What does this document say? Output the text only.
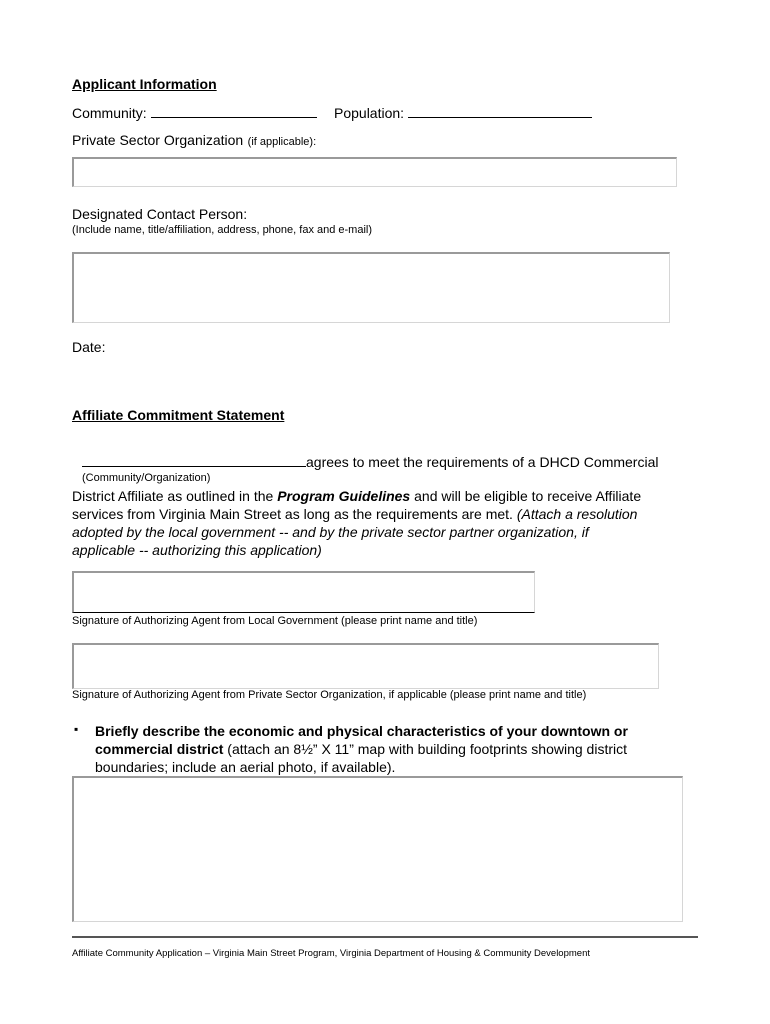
Applicant Information
Community:	Population:
Private Sector Organization (if applicable):
Designated Contact Person:
(Include name, title/affiliation, address, phone, fax and e-mail)
Date:
Affiliate Commitment Statement
agrees to meet the requirements of a DHCD Commercial
(Community/Organization)
District Affiliate as outlined in the Program Guidelines and will be eligible to receive Affiliate
services from Virginia Main Street as long as the requirements are met. (Attach a resolution
adopted by the local government -- and by the private sector partner organization, if
applicable -- authorizing this application)
Signature of Authorizing Agent from Local Government (please print name and title)
Signature of Authorizing Agent from Private Sector Organization, if applicable (please print name and title)
▪ Briefly describe the economic and physical characteristics of your downtown or
commercial district (attach an 8½” X 11” map with building footprints showing district
boundaries; include an aerial photo, if available).
Affiliate Community Application – Virginia Main Street Program, Virginia Department of Housing & Community Development
